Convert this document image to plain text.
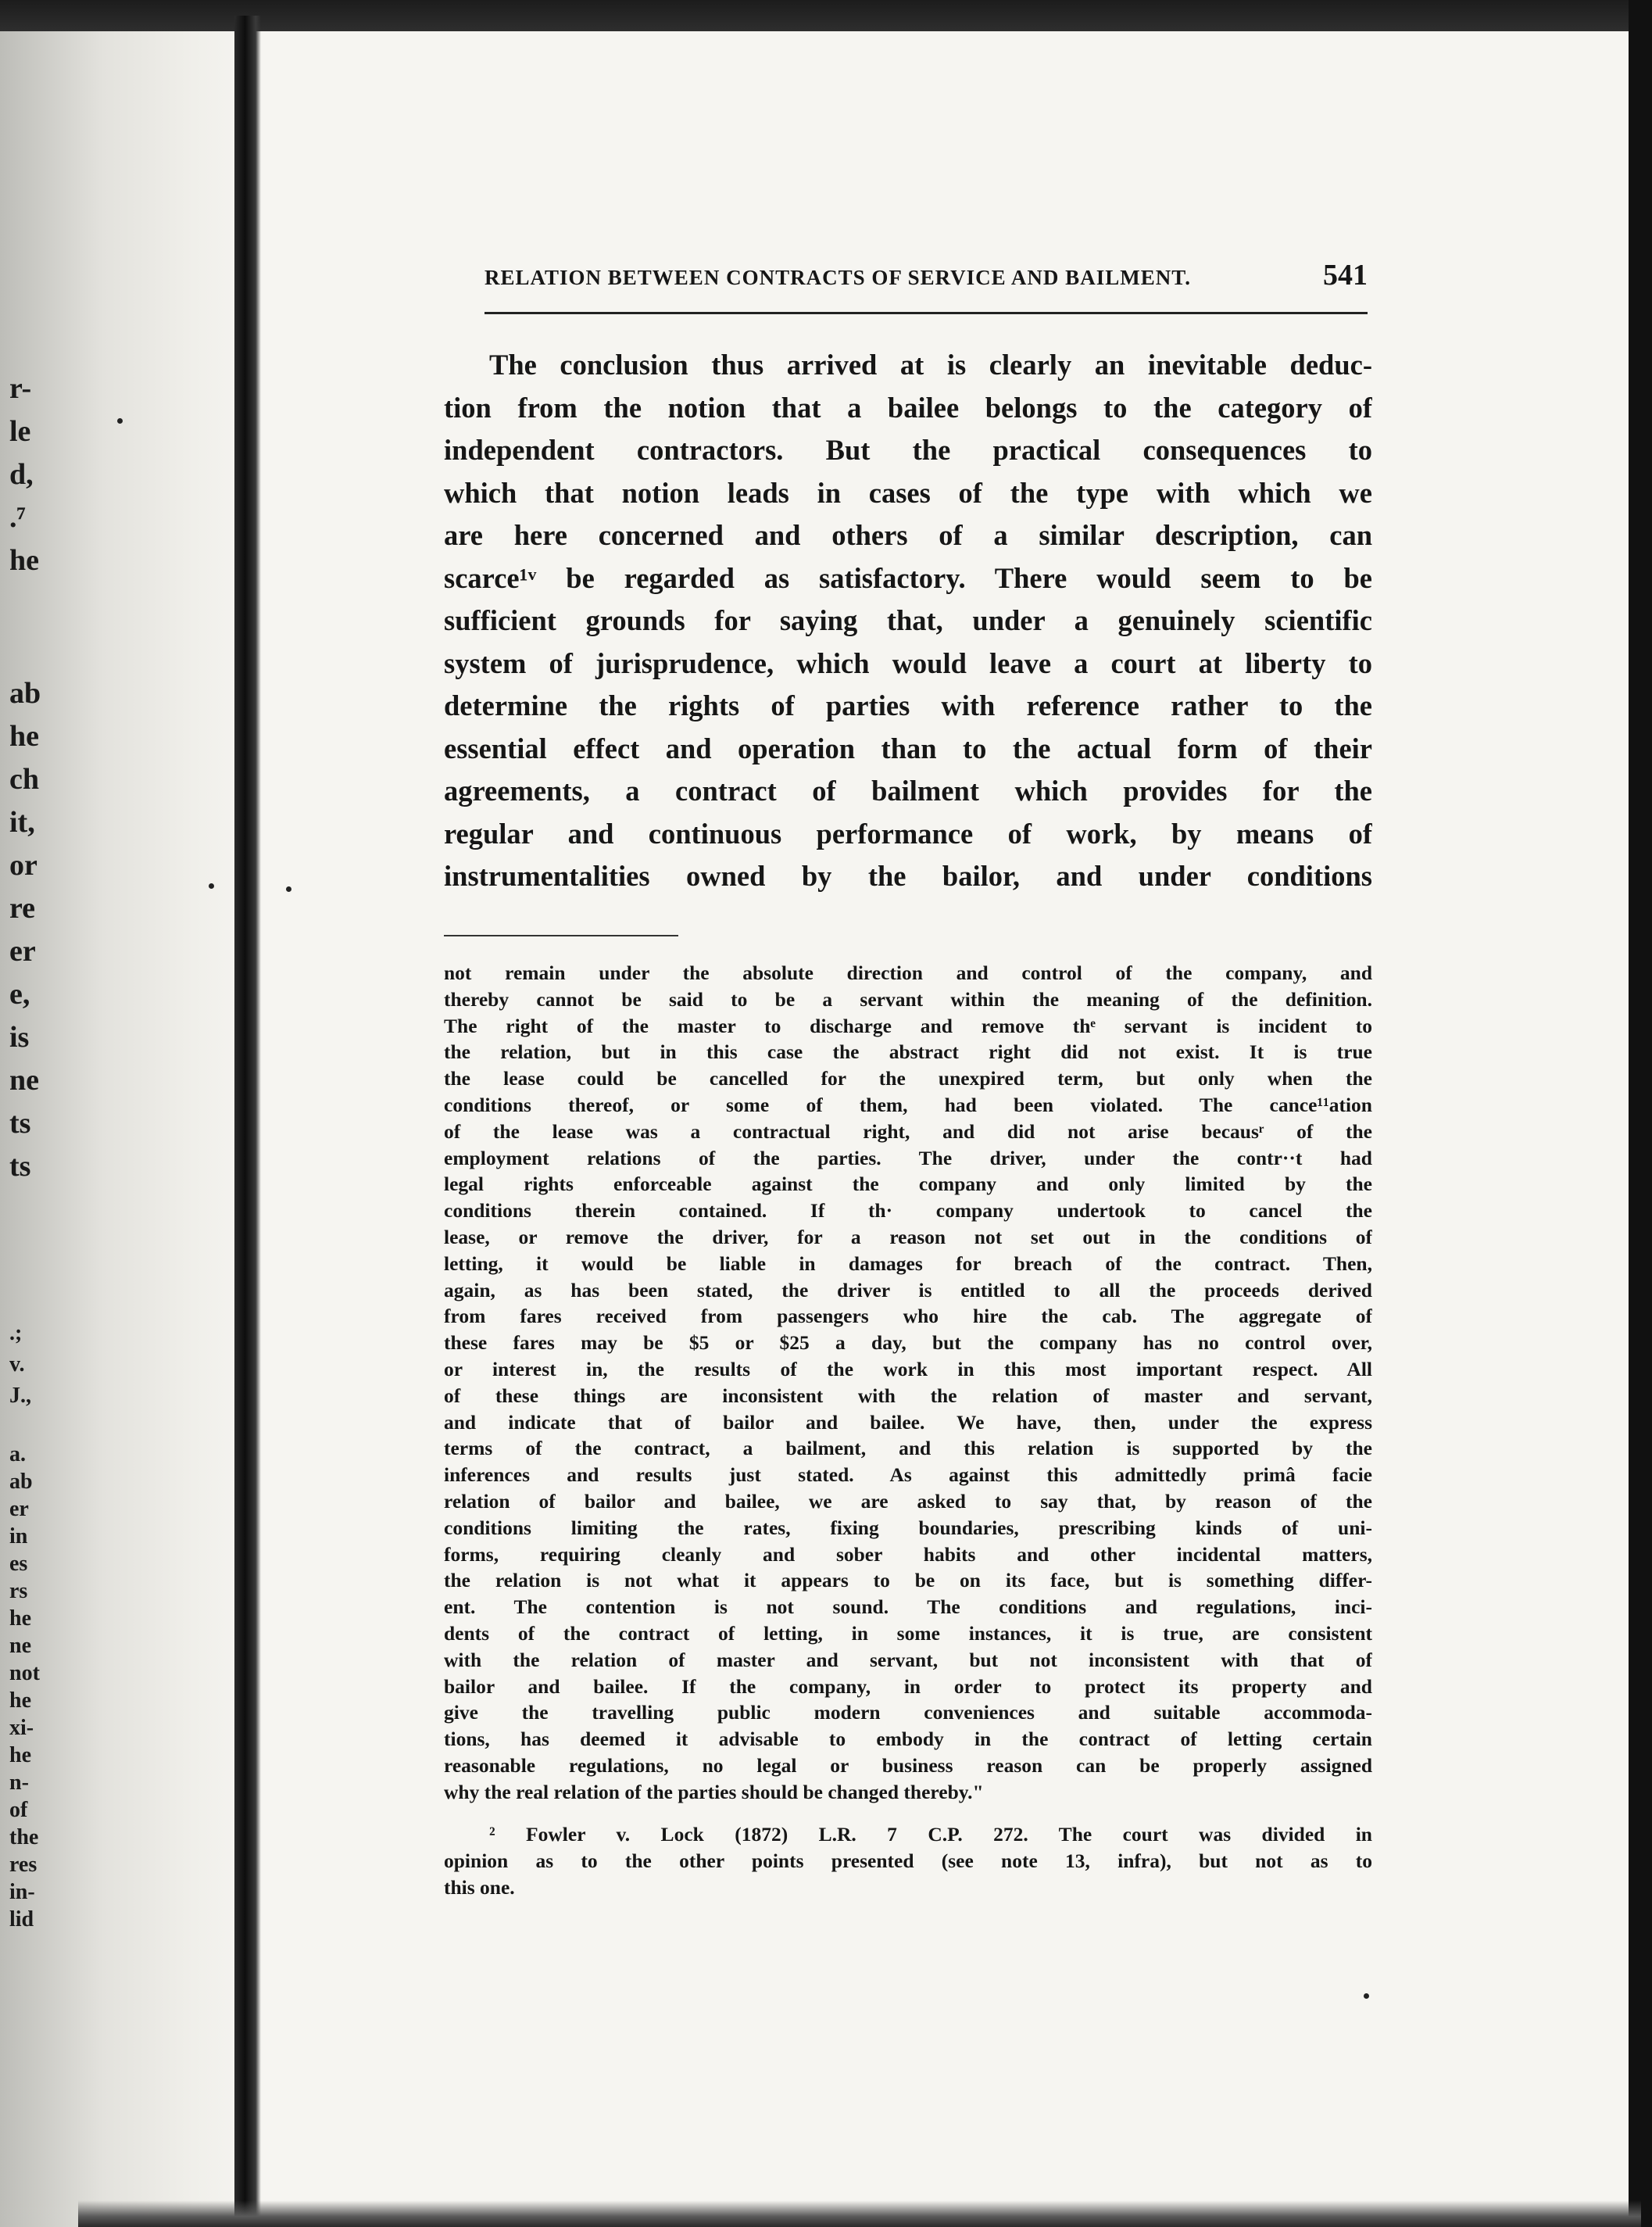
r-
le
d,
.⁷
he
ab
he
ch
it,
or
re
er
e,
is
ne
ts
ts
.;
v.
J.,
a.
ab
er
in
es
rs
he
ne
not
he
xi-
he
n-
of
the
res
in-
lid
RELATION BETWEEN CONTRACTS OF SERVICE AND BAILMENT.	541
The conclusion thus arrived at is clearly an inevitable deduc-
tion from the notion that a bailee belongs to the category of
independent contractors. But the practical consequences to
which that notion leads in cases of the type with which we
are here concerned and others of a similar description, can
scarce¹ᵛ be regarded as satisfactory. There would seem to be
sufficient grounds for saying that, under a genuinely scientific
system of jurisprudence, which would leave a court at liberty to
determine the rights of parties with reference rather to the
essential effect and operation than to the actual form of their
agreements, a contract of bailment which provides for the
regular and continuous performance of work, by means of
instrumentalities owned by the bailor, and under conditions
not remain under the absolute direction and control of the company, and
thereby cannot be said to be a servant within the meaning of the definition.
The right of the master to discharge and remove thᵉ servant is incident to
the relation, but in this case the abstract right did not exist. It is true
the lease could be cancelled for the unexpired term, but only when the
conditions thereof, or some of them, had been violated. The cance¹¹ation
of the lease was a contractual right, and did not arise becausʳ of the
employment relations of the parties. The driver, under the contr··t had
legal rights enforceable against the company and only limited by the
conditions therein contained. If th· company undertook to cancel the
lease, or remove the driver, for a reason not set out in the conditions of
letting, it would be liable in damages for breach of the contract. Then,
again, as has been stated, the driver is entitled to all the proceeds derived
from fares received from passengers who hire the cab. The aggregate of
these fares may be $5 or $25 a day, but the company has no control over,
or interest in, the results of the work in this most important respect. All
of these things are inconsistent with the relation of master and servant,
and indicate that of bailor and bailee. We have, then, under the express
terms of the contract, a bailment, and this relation is supported by the
inferences and results just stated. As against this admittedly primâ facie
relation of bailor and bailee, we are asked to say that, by reason of the
conditions limiting the rates, fixing boundaries, prescribing kinds of uni-
forms, requiring cleanly and sober habits and other incidental matters,
the relation is not what it appears to be on its face, but is something differ-
ent. The contention is not sound. The conditions and regulations, inci-
dents of the contract of letting, in some instances, it is true, are consistent
with the relation of master and servant, but not inconsistent with that of
bailor and bailee. If the company, in order to protect its property and
give the travelling public modern conveniences and suitable accommoda-
tions, has deemed it advisable to embody in the contract of letting certain
reasonable regulations, no legal or business reason can be properly assigned
why the real relation of the parties should be changed thereby."
² Fowler v. Lock (1872) L.R. 7 C.P. 272. The court was divided in
opinion as to the other points presented (see note 13, infra), but not as to
this one.
